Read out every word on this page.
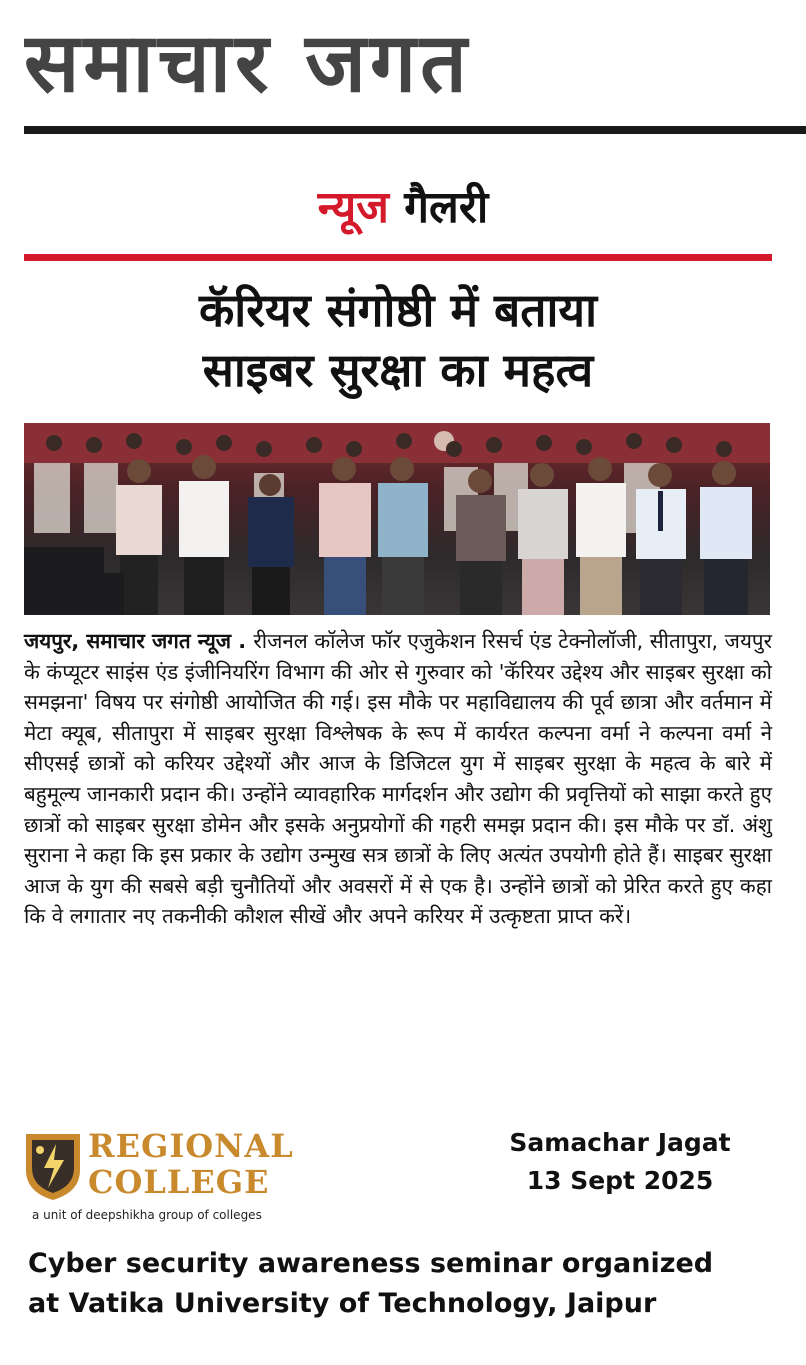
समाचार जगत
न्यूज गैलरी
कॅरियर संगोष्ठी में बताया
साइबर सुरक्षा का महत्व
जयपुर, समाचार जगत न्यूज . रीजनल कॉलेज फॉर एजुकेशन रिसर्च एंड टेक्नोलॉजी, सीतापुरा, जयपुर के कंप्यूटर साइंस एंड इंजीनियरिंग विभाग की ओर से गुरुवार को 'कॅरियर उद्देश्य और साइबर सुरक्षा को समझना' विषय पर संगोष्ठी आयोजित की गई। इस मौके पर महाविद्यालय की पूर्व छात्रा और वर्तमान में मेटा क्यूब, सीतापुरा में साइबर सुरक्षा विश्लेषक के रूप में कार्यरत कल्पना वर्मा ने कल्पना वर्मा ने सीएसई छात्रों को करियर उद्देश्यों और आज के डिजिटल युग में साइबर सुरक्षा के महत्व के बारे में बहुमूल्य जानकारी प्रदान की। उन्होंने व्यावहारिक मार्गदर्शन और उद्योग की प्रवृत्तियों को साझा करते हुए छात्रों को साइबर सुरक्षा डोमेन और इसके अनुप्रयोगों की गहरी समझ प्रदान की। इस मौके पर डॉ. अंशु सुराना ने कहा कि इस प्रकार के उद्योग उन्मुख सत्र छात्रों के लिए अत्यंत उपयोगी होते हैं। साइबर सुरक्षा आज के युग की सबसे बड़ी चुनौतियों और अवसरों में से एक है। उन्होंने छात्रों को प्रेरित करते हुए कहा कि वे लगातार नए तकनीकी कौशल सीखें और अपने करियर में उत्कृष्टता प्राप्त करें।
REGIONAL
COLLEGE
a unit of deepshikha group of colleges
Samachar Jagat
13 Sept 2025
Cyber security awareness seminar organized
at Vatika University of Technology, Jaipur
